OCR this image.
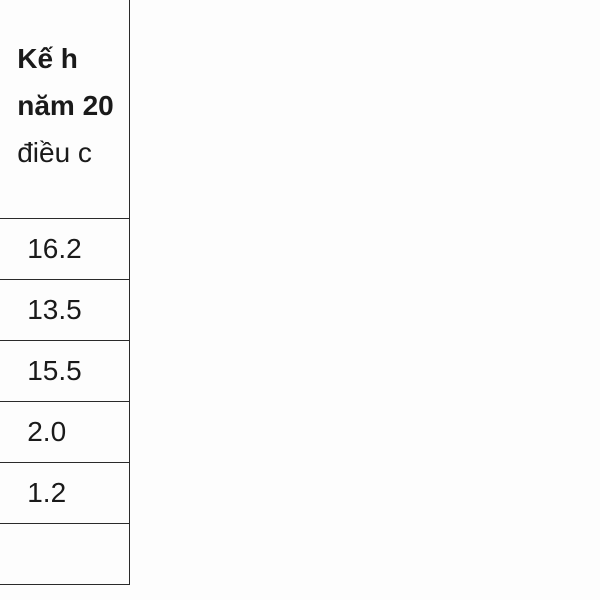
Kế h
năm 20
điều c

		16.2
		13.5
		15.5
		2.0
		1.2
